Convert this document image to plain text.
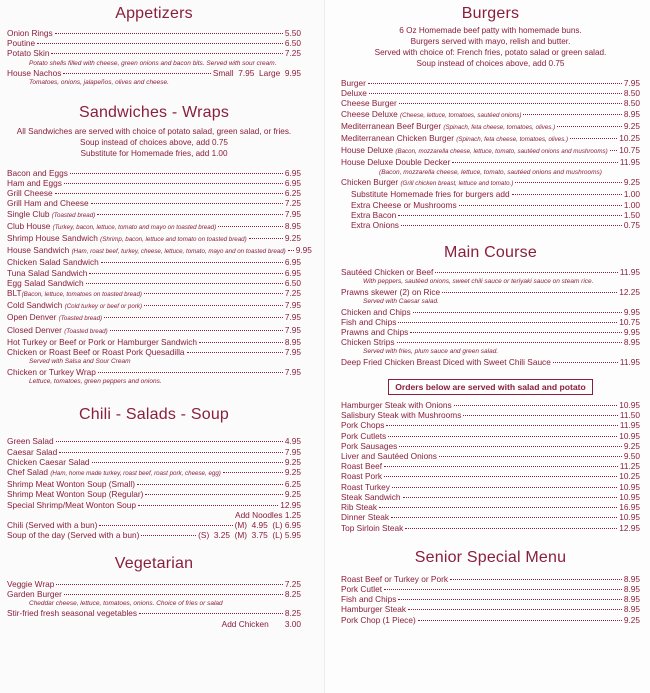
Appetizers
Onion Rings	5.50
Poutine	6.50
Potato Skin	7.25
Potato shells filled with cheese, green onions and bacon bits. Served with sour cream.
House Nachos	Small 7.95 Large 9.95
Tomatoes, onions, jalapeños, olives and cheese.
Sandwiches - Wraps
All Sandwiches are served with choice of potato salad, green salad, or fries.
Soup instead of choices above, add 0.75
Substitute for Homemade fries, add 1.00
Bacon and Eggs	6.95
Ham and Eggs	6.95
Grill Cheese	6.25
Grill Ham and Cheese	7.25
Single Club (Toasted bread)	7.95
Club House (Turkey, bacon, lettuce, tomato and mayo on toasted bread)	8.95
Shrimp House Sandwich (Shrimp, bacon, lettuce and tomato on toasted bread)	9.25
House Sandwich (Ham, roast beef, turkey, cheese, lettuce, tomato, mayo and on toasted bread) 9.95
Chicken Salad Sandwich	6.95
Tuna Salad Sandwich	6.95
Egg Salad Sandwich	6.50
BLT(Bacon, lettuce, tomatoes on toasted bread)	7.25
Cold Sandwich (Cold turkey or beef or pork)	7.95
Open Denver (Toasted bread)	7.95
Closed Denver (Toasted bread)	7.95
Hot Turkey or Beef or Pork or Hamburger Sandwich	8.95
Chicken or Roast Beef or Roast Pork Quesadilla	7.95
Served with Salsa and Sour Cream
Chicken or Turkey Wrap	7.95
Lettuce, tomatoes, green peppers and onions.
Chili - Salads - Soup
Green Salad	4.95
Caesar Salad	7.95
Chicken Caesar Salad	9.25
Chef Salad (Ham, home made turkey, roast beef, roast pork, cheese, egg)	9.25
Shrimp Meat Wonton Soup (Small)	6.25
Shrimp Meat Wonton Soup (Regular)	9.25
Special Shrimp/Meat Wonton Soup	12.95
Add Noodles 1.25
Chili (Served with a bun)	(M)  4.95  (L) 6.95
Soup of the day (Served with a bun)	(S)  3.25  (M)  3.75  (L) 5.95
Vegetarian
Veggie Wrap	7.25
Garden Burger	8.25
Cheddar cheese, lettuce, tomatoes, onions. Choice of fries or salad
Stir-fried fresh seasonal vegetables	8.25
Add Chicken 3.00
Burgers
6 Oz Homemade beef patty with homemade buns.
Burgers served with mayo, relish and butter.
Served with choice of: French fries, potato salad or green salad.
Soup instead of choices above, add 0.75
Burger	7.95
Deluxe	8.50
Cheese Burger	8.50
Cheese Deluxe (Cheese, lettuce, tomatoes, sautéed onions)	8.95
Mediterranean Beef Burger (Spinach, feta cheese, tomatoes, olives.)	9.25
Mediterranean Chicken Burger (Spinach, feta cheese, tomatoes, olives.)	10.25
House Deluxe (Bacon, mozzarella cheese, lettuce, tomato, sautéed onions and mushrooms) 10.75
House Deluxe Double Decker	11.95
(Bacon, mozzarella cheese, lettuce, tomato, sautéed onions and mushrooms)
Chicken Burger (Grill chicken breast, lettuce and tomato.)	9.25
Substitute Homemade fries for burgers add	1.00
Extra Cheese or Mushrooms	1.00
Extra Bacon	1.50
Extra Onions	0.75
Main Course
Sautéed Chicken or Beef	11.95
With peppers, sautéed onions, sweet chili sauce or teriyaki sauce on steam rice.
Prawns skewer (2) on Rice	12.25
Served with Caesar salad.
Chicken and Chips	9.95
Fish and Chips	10.75
Prawns and Chips	9.95
Chicken Strips	8.95
Served with fries, plum sauce and green salad.
Deep Fried Chicken Breast Diced with Sweet Chili Sauce	11.95
Orders below are served with salad and potato
Hamburger Steak with Onions	10.95
Salisbury Steak with Mushrooms	11.50
Pork Chops	11.95
Pork Cutlets	10.95
Pork Sausages	9.25
Liver and Sautéed Onions	9.50
Roast Beef	11.25
Roast Pork	10.25
Roast Turkey	10.95
Steak Sandwich	10.95
Rib Steak	16.95
Dinner Steak	10.95
Top Sirloin Steak	12.95
Senior Special Menu
Roast Beef or Turkey or Pork	8.95
Pork Cutlet	8.95
Fish and Chips	8.95
Hamburger Steak	8.95
Pork Chop (1 Piece)	9.25
